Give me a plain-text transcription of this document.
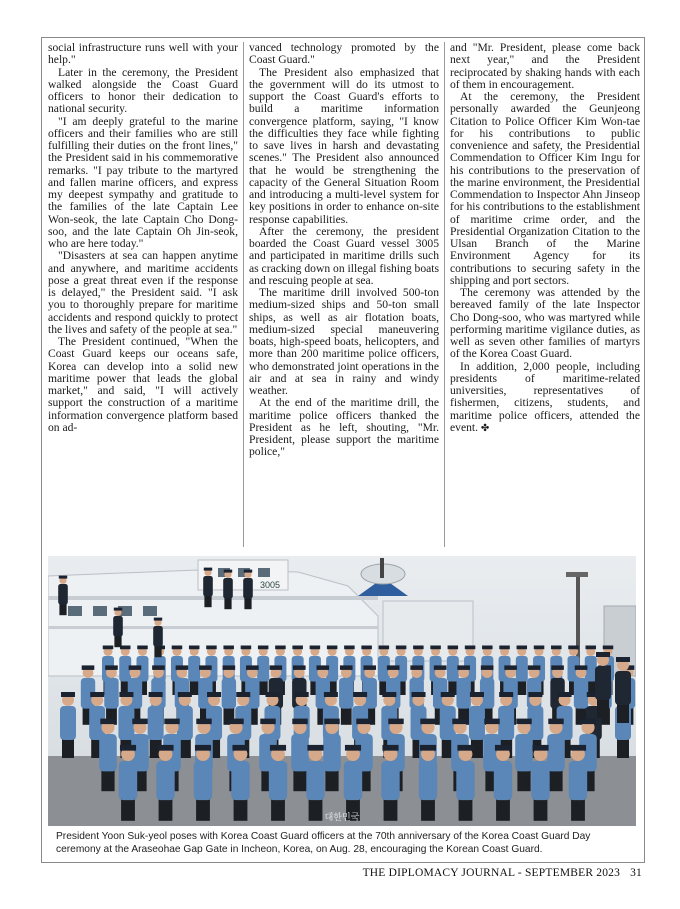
social infrastructure runs well with your help."

Later in the ceremony, the President walked alongside the Coast Guard officers to honor their dedication to national security.

"I am deeply grateful to the marine officers and their families who are still fulfilling their duties on the front lines," the President said in his commemorative remarks. "I pay tribute to the martyred and fallen marine officers, and express my deepest sympathy and gratitude to the families of the late Captain Lee Won-seok, the late Captain Cho Dong-soo, and the late Captain Oh Jin-seok, who are here today."

"Disasters at sea can happen anytime and anywhere, and maritime accidents pose a great threat even if the response is delayed," the President said. "I ask you to thoroughly prepare for maritime accidents and respond quickly to protect the lives and safety of the people at sea."

The President continued, "When the Coast Guard keeps our oceans safe, Korea can develop into a solid new maritime power that leads the global market," and said, "I will actively support the construction of a maritime information convergence platform based on ad-

vanced technology promoted by the Coast Guard."

The President also emphasized that the government will do its utmost to support the Coast Guard's efforts to build a maritime information convergence platform, saying, "I know the difficulties they face while fighting to save lives in harsh and devastating scenes." The President also announced that he would be strengthening the capacity of the General Situation Room and introducing a multi-level system for key positions in order to enhance on-site response capabilities.

After the ceremony, the president boarded the Coast Guard vessel 3005 and participated in maritime drills such as cracking down on illegal fishing boats and rescuing people at sea.

The maritime drill involved 500-ton medium-sized ships and 50-ton small ships, as well as air flotation boats, medium-sized special maneuvering boats, high-speed boats, helicopters, and more than 200 maritime police officers, who demonstrated joint operations in the air and at sea in rainy and windy weather.

At the end of the maritime drill, the maritime police officers thanked the President as he left, shouting, "Mr. President, please support the maritime police,"

and "Mr. President, please come back next year," and the President reciprocated by shaking hands with each of them in encouragement.

At the ceremony, the President personally awarded the Geunjeong Citation to Police Officer Kim Won-tae for his contributions to public convenience and safety, the Presidential Commendation to Officer Kim Ingu for his contributions to the preservation of the marine environment, the Presidential Commendation to Inspector Ahn Jinseop for his contributions to the establishment of maritime crime order, and the Presidential Organization Citation to the Ulsan Branch of the Marine Environment Agency for its contributions to securing safety in the shipping and port sectors.

The ceremony was attended by the bereaved family of the late Inspector Cho Dong-soo, who was martyred while performing maritime vigilance duties, as well as seven other families of martyrs of the Korea Coast Guard.

In addition, 2,000 people, including presidents of maritime-related universities, representatives of fishermen, citizens, students, and maritime police officers, attended the event. ✤

3005
대한민국
President Yoon Suk-yeol poses with Korea Coast Guard officers at the 70th anniversary of the Korea Coast Guard Day
ceremony at the Araseohae Gap Gate in Incheon, Korea, on Aug. 28, encouraging the Korean Coast Guard.
THE DIPLOMACY JOURNAL - SEPTEMBER 2023 31
